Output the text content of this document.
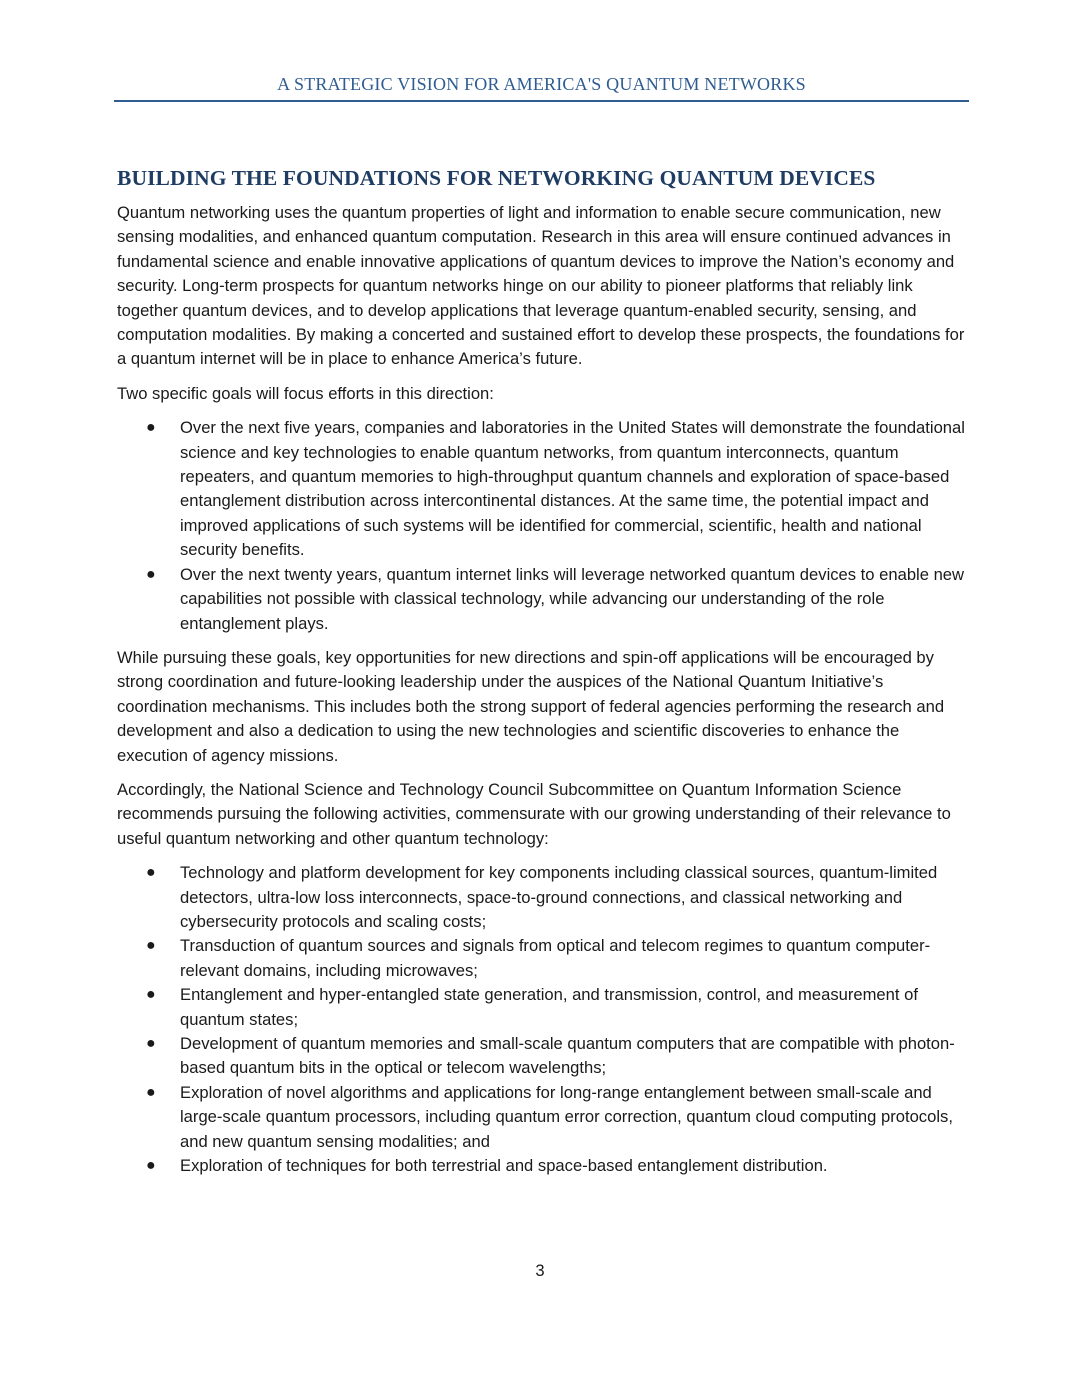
A STRATEGIC VISION FOR AMERICA'S QUANTUM NETWORKS
BUILDING THE FOUNDATIONS FOR NETWORKING QUANTUM DEVICES

Quantum networking uses the quantum properties of light and information to enable secure communication, new sensing modalities, and enhanced quantum computation. Research in this area will ensure continued advances in fundamental science and enable innovative applications of quantum devices to improve the Nation’s economy and security. Long-term prospects for quantum networks hinge on our ability to pioneer platforms that reliably link together quantum devices, and to develop applications that leverage quantum-enabled security, sensing, and computation modalities. By making a concerted and sustained effort to develop these prospects, the foundations for a quantum internet will be in place to enhance America’s future.

Two specific goals will focus efforts in this direction:

● Over the next five years, companies and laboratories in the United States will demonstrate the foundational science and key technologies to enable quantum networks, from quantum interconnects, quantum repeaters, and quantum memories to high-throughput quantum channels and exploration of space-based entanglement distribution across intercontinental distances. At the same time, the potential impact and improved applications of such systems will be identified for commercial, scientific, health and national security benefits.
● Over the next twenty years, quantum internet links will leverage networked quantum devices to enable new capabilities not possible with classical technology, while advancing our understanding of the role entanglement plays.

While pursuing these goals, key opportunities for new directions and spin-off applications will be encouraged by strong coordination and future-looking leadership under the auspices of the National Quantum Initiative’s coordination mechanisms. This includes both the strong support of federal agencies performing the research and development and also a dedication to using the new technologies and scientific discoveries to enhance the execution of agency missions.

Accordingly, the National Science and Technology Council Subcommittee on Quantum Information Science recommends pursuing the following activities, commensurate with our growing understanding of their relevance to useful quantum networking and other quantum technology:

● Technology and platform development for key components including classical sources, quantum-limited detectors, ultra-low loss interconnects, space-to-ground connections, and classical networking and cybersecurity protocols and scaling costs;
● Transduction of quantum sources and signals from optical and telecom regimes to quantum computer-relevant domains, including microwaves;
● Entanglement and hyper-entangled state generation, and transmission, control, and measurement of quantum states;
● Development of quantum memories and small-scale quantum computers that are compatible with photon-based quantum bits in the optical or telecom wavelengths;
● Exploration of novel algorithms and applications for long-range entanglement between small-scale and large-scale quantum processors, including quantum error correction, quantum cloud computing protocols, and new quantum sensing modalities; and
● Exploration of techniques for both terrestrial and space-based entanglement distribution.
3
